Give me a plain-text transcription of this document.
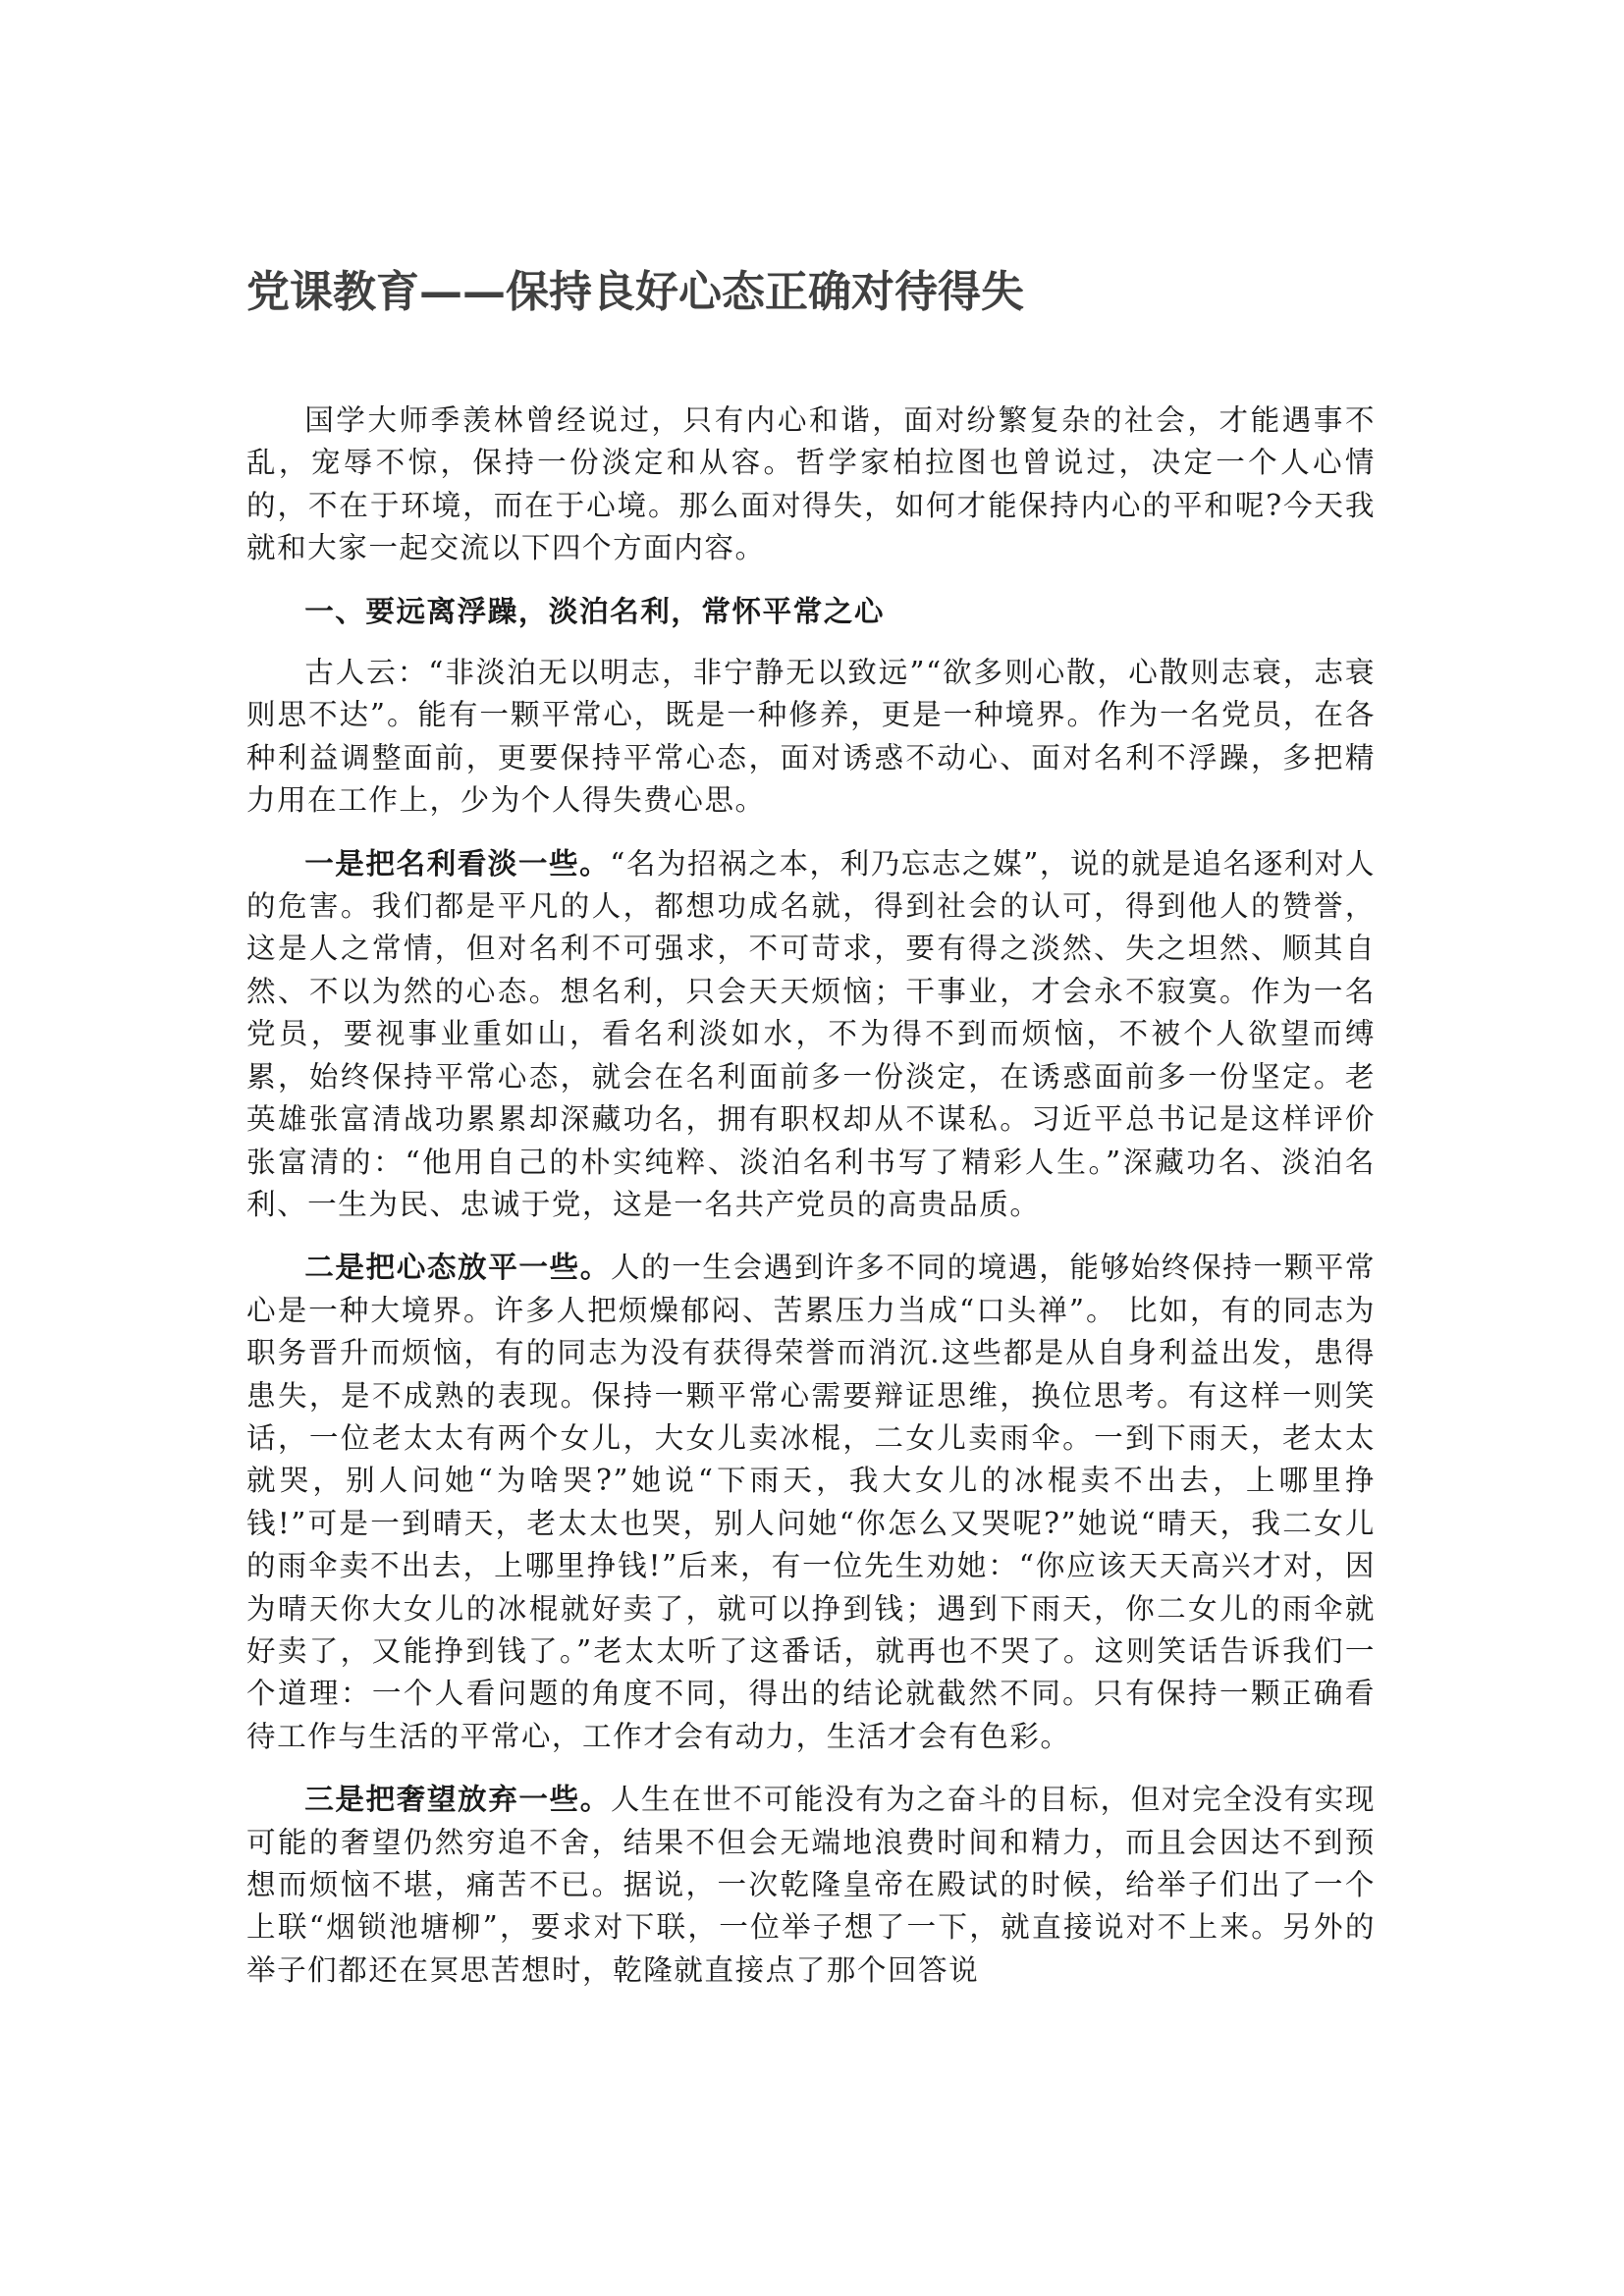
党课教育——保持良好心态正确对待得失

国学大师季羡林曾经说过，只有内心和谐，面对纷繁复杂的社会，才能遇事不乱，宠辱不惊，保持一份淡定和从容。哲学家柏拉图也曾说过，决定一个人心情的，不在于环境，而在于心境。那么面对得失，如何才能保持内心的平和呢?今天我就和大家一起交流以下四个方面内容。

一、要远离浮躁，淡泊名利，常怀平常之心

古人云：“非淡泊无以明志，非宁静无以致远”“欲多则心散，心散则志衰，志衰则思不达”。能有一颗平常心，既是一种修养，更是一种境界。作为一名党员，在各种利益调整面前，更要保持平常心态，面对诱惑不动心、面对名利不浮躁，多把精力用在工作上，少为个人得失费心思。

一是把名利看淡一些。“名为招祸之本，利乃忘志之媒”，说的就是追名逐利对人的危害。我们都是平凡的人，都想功成名就，得到社会的认可，得到他人的赞誉，这是人之常情，但对名利不可强求，不可苛求，要有得之淡然、失之坦然、顺其自然、不以为然的心态。想名利，只会天天烦恼；干事业，才会永不寂寞。作为一名党员，要视事业重如山，看名利淡如水，不为得不到而烦恼，不被个人欲望而缚累，始终保持平常心态，就会在名利面前多一份淡定，在诱惑面前多一份坚定。老英雄张富清战功累累却深藏功名，拥有职权却从不谋私。习近平总书记是这样评价张富清的：“他用自己的朴实纯粹、淡泊名利书写了精彩人生。”深藏功名、淡泊名利、一生为民、忠诚于党，这是一名共产党员的高贵品质。

二是把心态放平一些。人的一生会遇到许多不同的境遇，能够始终保持一颗平常心是一种大境界。许多人把烦燥郁闷、苦累压力当成“口头禅”。 比如，有的同志为职务晋升而烦恼，有的同志为没有获得荣誉而消沉.这些都是从自身利益出发，患得患失，是不成熟的表现。保持一颗平常心需要辩证思维，换位思考。有这样一则笑话，一位老太太有两个女儿，大女儿卖冰棍，二女儿卖雨伞。一到下雨天，老太太就哭，别人问她“为啥哭?”她说“下雨天，我大女儿的冰棍卖不出去，上哪里挣钱!”可是一到晴天，老太太也哭，别人问她“你怎么又哭呢?”她说“晴天，我二女儿的雨伞卖不出去，上哪里挣钱!”后来，有一位先生劝她：“你应该天天高兴才对，因为晴天你大女儿的冰棍就好卖了，就可以挣到钱；遇到下雨天，你二女儿的雨伞就好卖了，又能挣到钱了。”老太太听了这番话，就再也不哭了。这则笑话告诉我们一个道理：一个人看问题的角度不同，得出的结论就截然不同。只有保持一颗正确看待工作与生活的平常心，工作才会有动力，生活才会有色彩。

三是把奢望放弃一些。人生在世不可能没有为之奋斗的目标，但对完全没有实现可能的奢望仍然穷追不舍，结果不但会无端地浪费时间和精力，而且会因达不到预想而烦恼不堪，痛苦不已。据说，一次乾隆皇帝在殿试的时候，给举子们出了一个上联“烟锁池塘柳”，要求对下联，一位举子想了一下，就直接说对不上来。另外的举子们都还在冥思苦想时，乾隆就直接点了那个回答说
